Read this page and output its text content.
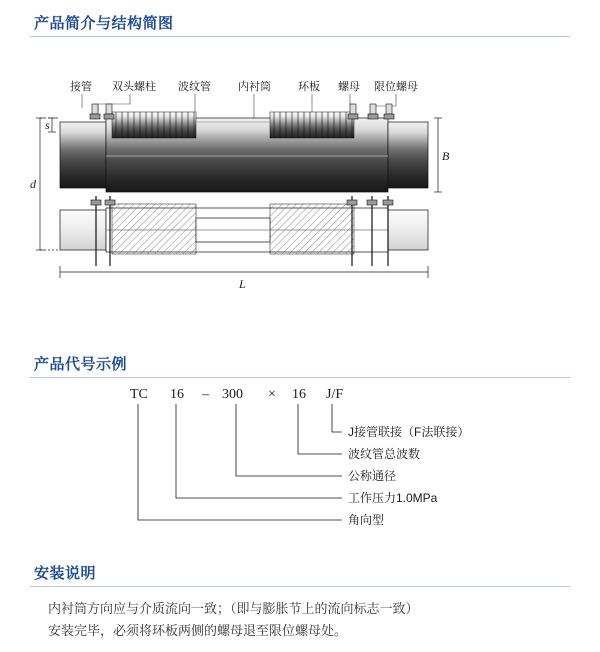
产品简介与结构简图
产品代号示例
安装说明
接管 双头螺柱 波纹管 内衬筒 环板 螺母 限位螺母
s
d
B
L
TC 16 – 300 × 16 J/F
J接管联接（F法联接）
波纹管总波数
公称通径
工作压力1.0MPa
角向型
内衬筒方向应与介质流向一致；（即与膨胀节上的流向标志一致）
安装完毕，必须将环板两侧的螺母退至限位螺母处。
